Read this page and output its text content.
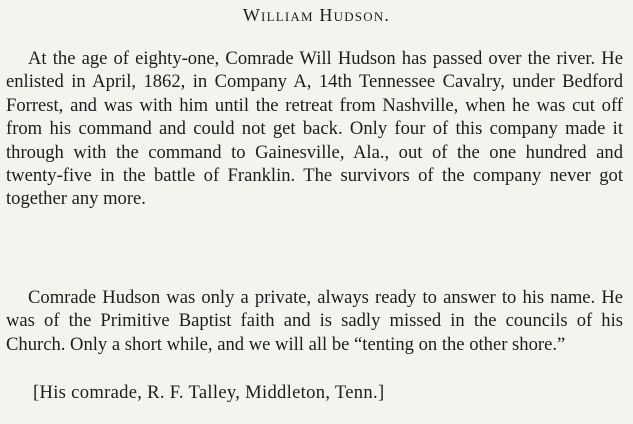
William Hudson.

At the age of eighty-one, Comrade Will Hudson has passed over the river. He enlisted in April, 1862, in Company A, 14th Tennessee Cavalry, under Bedford Forrest, and was with him until the retreat from Nashville, when he was cut off from his command and could not get back. Only four of this company made it through with the command to Gainesville, Ala., out of the one hundred and twenty-five in the battle of Franklin. The survivors of the company never got together any more.

Comrade Hudson was only a private, always ready to answer to his name. He was of the Primitive Baptist faith and is sadly missed in the councils of his Church. Only a short while, and we will all be “tenting on the other shore.”

[His comrade, R. F. Talley, Middleton, Tenn.]
